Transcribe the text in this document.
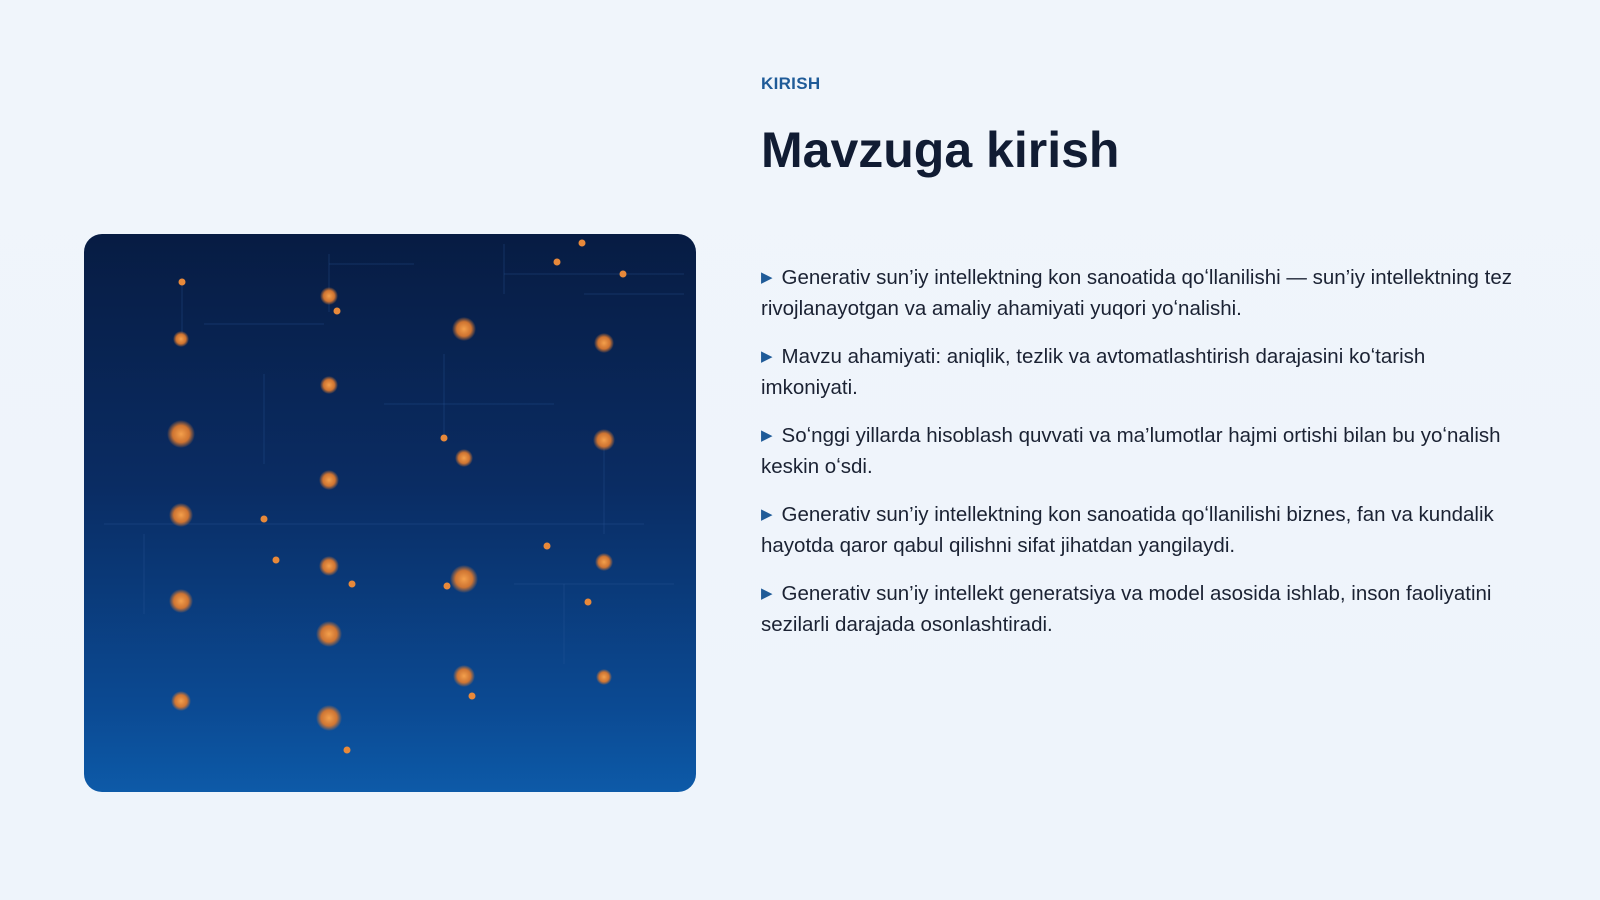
KIRISH
Mavzuga kirish
▶ Generativ sun’iy intellektning kon sanoatida qoʻllanilishi — sun’iy intellektning tez rivojlanayotgan va amaliy ahamiyati yuqori yoʻnalishi.
▶ Mavzu ahamiyati: aniqlik, tezlik va avtomatlashtirish darajasini koʻtarish imkoniyati.
▶ Soʻnggi yillarda hisoblash quvvati va ma’lumotlar hajmi ortishi bilan bu yoʻnalish keskin oʻsdi.
▶ Generativ sun’iy intellektning kon sanoatida qoʻllanilishi biznes, fan va kundalik hayotda qaror qabul qilishni sifat jihatdan yangilaydi.
▶ Generativ sun’iy intellekt generatsiya va model asosida ishlab, inson faoliyatini sezilarli darajada osonlashtiradi.
